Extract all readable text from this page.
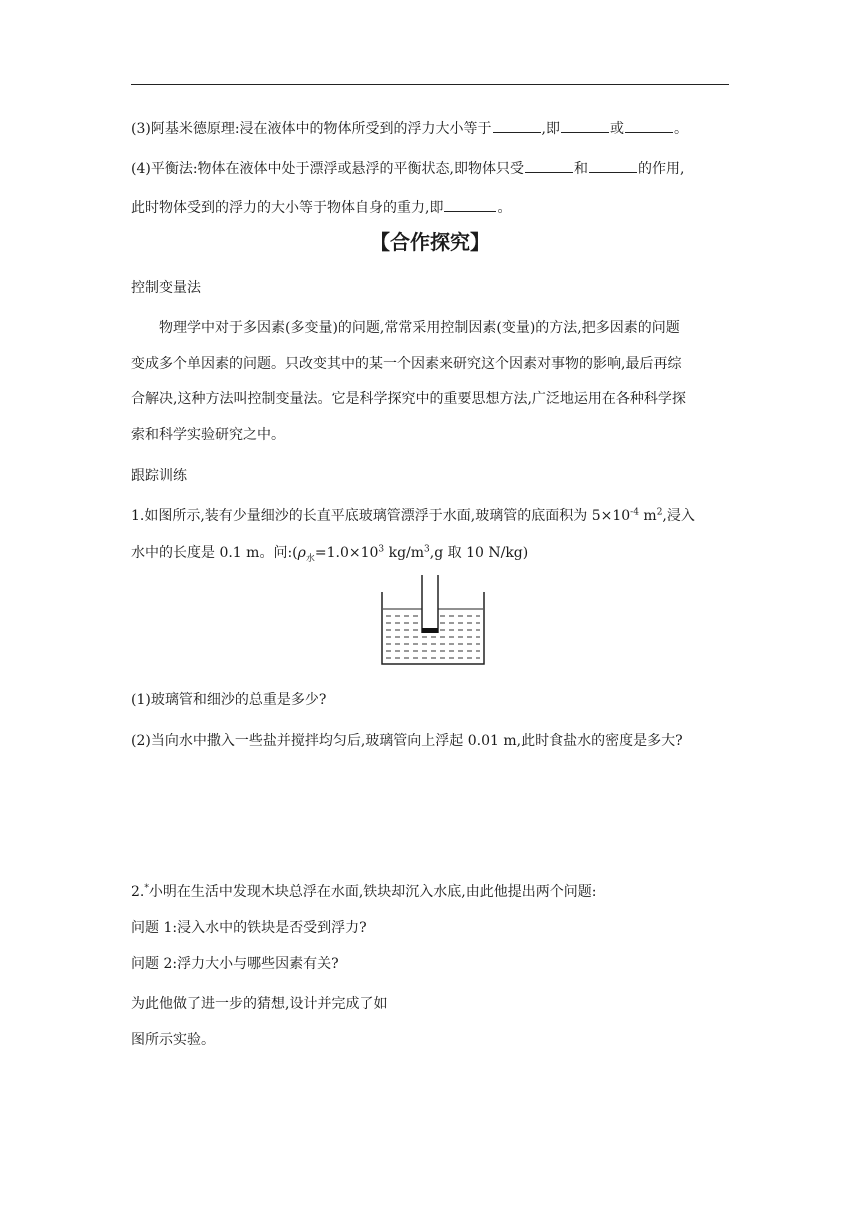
(3)阿基米德原理:浸在液体中的物体所受到的浮力大小等于	,即	或	。
(4)平衡法:物体在液体中处于漂浮或悬浮的平衡状态,即物体只受	和	的作用,
此时物体受到的浮力的大小等于物体自身的重力,即	。
【合作探究】
控制变量法
物理学中对于多因素(多变量)的问题,常常采用控制因素(变量)的方法,把多因素的问题
变成多个单因素的问题。只改变其中的某一个因素来研究这个因素对事物的影响,最后再综
合解决,这种方法叫控制变量法。它是科学探究中的重要思想方法,广泛地运用在各种科学探
索和科学实验研究之中。
跟踪训练
1.如图所示,装有少量细沙的长直平底玻璃管漂浮于水面,玻璃管的底面积为 $5\times 10^{-4}$ $m^2$,浸入
水中的长度是 0.1 m。问$:(\rho_水=1.0\times 10^3$ $kg/m^3,g$ 取 10 N/kg)
(1)玻璃管和细沙的总重是多少?
(2)当向水中撒入一些盐并搅拌均匀后,玻璃管向上浮起 0.01 m,此时食盐水的密度是多大?
2.*小明在生活中发现木块总浮在水面,铁块却沉入水底,由此他提出两个问题:
问题 1:浸入水中的铁块是否受到浮力?
问题 2:浮力大小与哪些因素有关?
为此他做了进一步的猜想,设计并完成了如
图所示实验。
